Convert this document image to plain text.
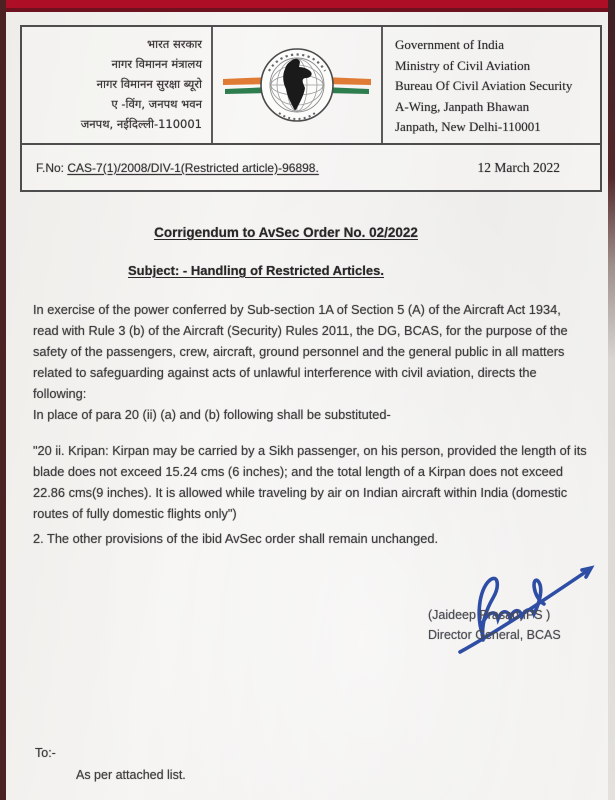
भारत सरकार
नागर विमानन मंत्रालय
नागर विमानन सुरक्षा ब्यूरो
ए -विंग, जनपथ भवन
जनपथ, नईदिल्ली-110001
Government of India
Ministry of Civil Aviation
Bureau Of Civil Aviation Security
A-Wing, Janpath Bhawan
Janpath, New Delhi-110001
F.No: CAS-7(1)/2008/DIV-1(Restricted article)-96898.	12 March 2022
Corrigendum to AvSec Order No. 02/2022
Subject: - Handling of Restricted Articles.
In exercise of the power conferred by Sub-section 1A of Section 5 (A) of the Aircraft Act 1934, read with Rule 3 (b) of the Aircraft (Security) Rules 2011, the DG, BCAS, for the purpose of the safety of the passengers, crew, aircraft, ground personnel and the general public in all matters related to safeguarding against acts of unlawful interference with civil aviation, directs the following:
In place of para 20 (ii) (a) and (b) following shall be substituted-
"20 ii. Kripan: Kirpan may be carried by a Sikh passenger, on his person, provided the length of its blade does not exceed 15.24 cms (6 inches); and the total length of a Kirpan does not exceed 22.86 cms(9 inches). It is allowed while traveling by air on Indian aircraft within India (domestic routes of fully domestic flights only")
2. The other provisions of the ibid AvSec order shall remain unchanged.
(Jaideep Prasad,IPS )
Director General, BCAS
To:-
As per attached list.
